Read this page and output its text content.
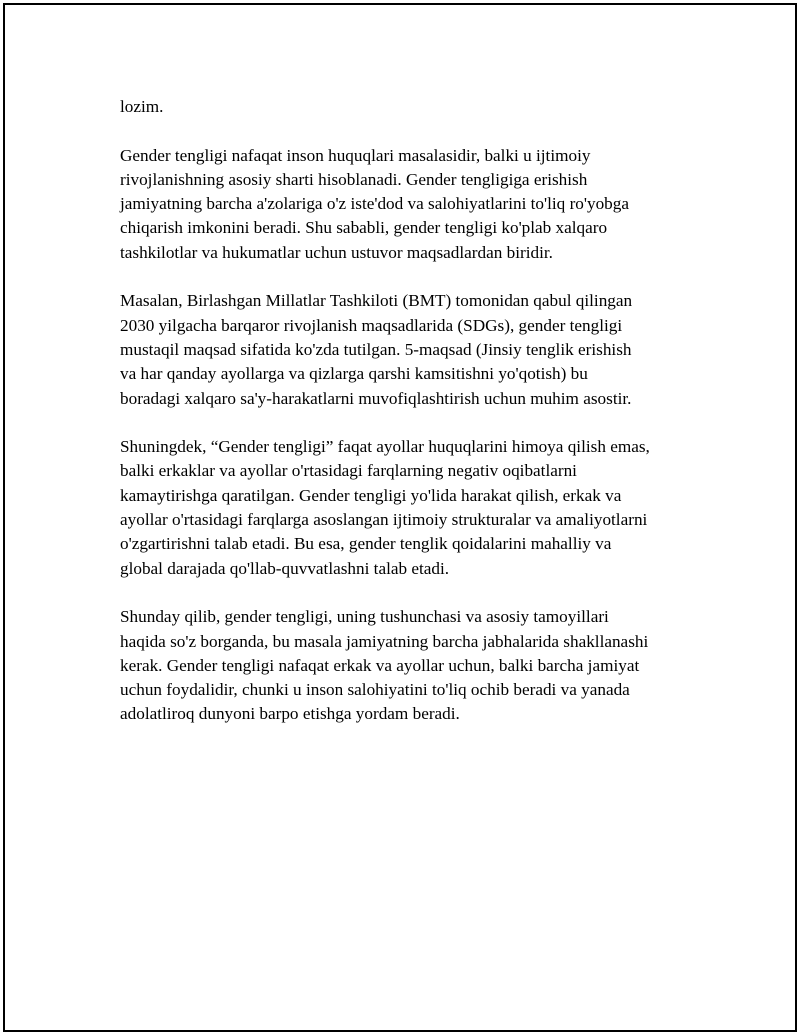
lozim.

Gender tengligi nafaqat inson huquqlari masalasidir, balki u ijtimoiy
rivojlanishning asosiy sharti hisoblanadi. Gender tengligiga erishish
jamiyatning barcha a'zolariga o'z iste'dod va salohiyatlarini to'liq ro'yobga
chiqarish imkonini beradi. Shu sababli, gender tengligi ko'plab xalqaro
tashkilotlar va hukumatlar uchun ustuvor maqsadlardan biridir.

Masalan, Birlashgan Millatlar Tashkiloti (BMT) tomonidan qabul qilingan
2030 yilgacha barqaror rivojlanish maqsadlarida (SDGs), gender tengligi
mustaqil maqsad sifatida ko'zda tutilgan. 5-maqsad (Jinsiy tenglik erishish
va har qanday ayollarga va qizlarga qarshi kamsitishni yo'qotish) bu
boradagi xalqaro sa'y-harakatlarni muvofiqlashtirish uchun muhim asostir.

Shuningdek, “Gender tengligi” faqat ayollar huquqlarini himoya qilish emas,
balki erkaklar va ayollar o'rtasidagi farqlarning negativ oqibatlarni
kamaytirishga qaratilgan. Gender tengligi yo'lida harakat qilish, erkak va
ayollar o'rtasidagi farqlarga asoslangan ijtimoiy strukturalar va amaliyotlarni
o'zgartirishni talab etadi. Bu esa, gender tenglik qoidalarini mahalliy va
global darajada qo'llab-quvvatlashni talab etadi.

Shunday qilib, gender tengligi, uning tushunchasi va asosiy tamoyillari
haqida so'z borganda, bu masala jamiyatning barcha jabhalarida shakllanashi
kerak. Gender tengligi nafaqat erkak va ayollar uchun, balki barcha jamiyat
uchun foydalidir, chunki u inson salohiyatini to'liq ochib beradi va yanada
adolatliroq dunyoni barpo etishga yordam beradi.
